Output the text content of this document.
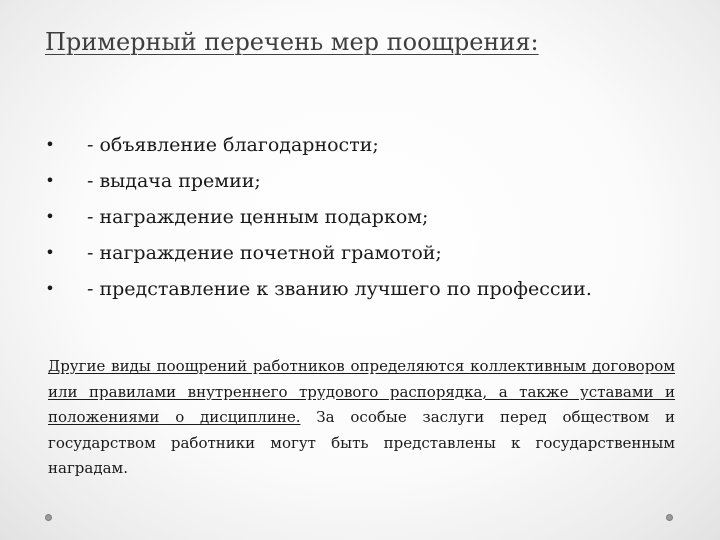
Примерный перечень мер поощрения:
• - объявление благодарности;
• - выдача премии;
• - награждение ценным подарком;
• - награждение почетной грамотой;
• - представление к званию лучшего по профессии.

Другие виды поощрений работников определяются коллективным договором или правилами внутреннего трудового распорядка, а также уставами и положениями о дисциплине. За особые заслуги перед обществом и государством работники могут быть представлены к государственным наградам.
